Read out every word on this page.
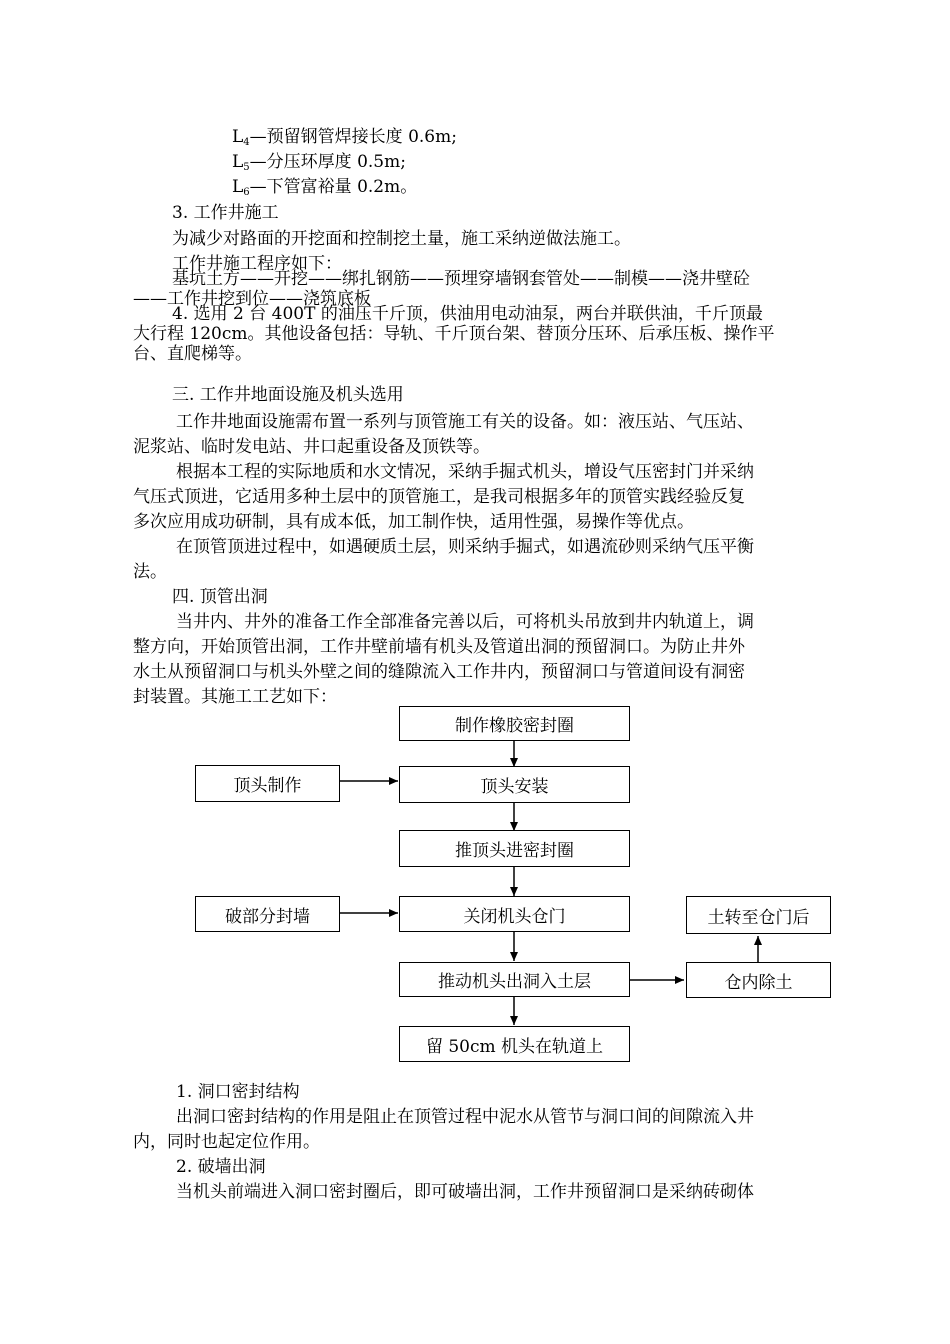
$L_4—$预留钢管焊接长度 0.6m;
$L_5—$分压环厚度 0.5m;
$L_6—$下管富裕量 0.2m。
3. 工作井施工
为减少对路面的开挖面和控制挖土量，施工采纳逆做法施工。
工作井施工程序如下：
基坑土方——开挖——绑扎钢筋——预埋穿墙钢套管处——制模——浇井壁砼
——工作井挖到位——浇筑底板
4. 选用 2 台 400T 的油压千斤顶，供油用电动油泵，两台并联供油，千斤顶最
大行程 120cm。其他设备包括：导轨、千斤顶台架、替顶分压环、后承压板、操作平
台、直爬梯等。
三. 工作井地面设施及机头选用
工作井地面设施需布置一系列与顶管施工有关的设备。如：液压站、气压站、
泥浆站、临时发电站、井口起重设备及顶铁等。
根据本工程的实际地质和水文情况，采纳手掘式机头，增设气压密封门并采纳
气压式顶进，它适用多种土层中的顶管施工，是我司根据多年的顶管实践经验反复
多次应用成功研制，具有成本低，加工制作快，适用性强，易操作等优点。
在顶管顶进过程中，如遇硬质土层，则采纳手掘式，如遇流砂则采纳气压平衡
法。
四. 顶管出洞
当井内、井外的准备工作全部准备完善以后，可将机头吊放到井内轨道上，调
整方向，开始顶管出洞，工作井壁前墙有机头及管道出洞的预留洞口。为防止井外
水土从预留洞口与机头外壁之间的缝隙流入工作井内，预留洞口与管道间设有洞密
封装置。其施工工艺如下：
制作橡胶密封圈
顶头制作	顶头安装
推顶头进密封圈
破部分封墙	关闭机头仓门	土转至仓门后
推动机头出洞入土层	仓内除土
留 50cm 机头在轨道上
1. 洞口密封结构
出洞口密封结构的作用是阻止在顶管过程中泥水从管节与洞口间的间隙流入井
内，同时也起定位作用。
2. 破墙出洞
当机头前端进入洞口密封圈后，即可破墙出洞，工作井预留洞口是采纳砖砌体
